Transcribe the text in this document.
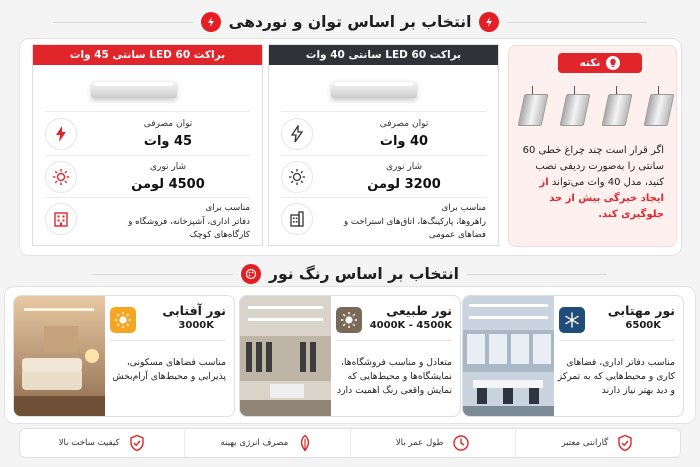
انتخاب بر اساس توان و نوردهی
براکت LED 60 سانتی 45 وات
توان مصرفی
45 وات
شار نوری
4500 لومن
مناسب برای
دفاتر اداری، آشپزخانه، فروشگاه و کارگاه‌های کوچک
براکت LED 60 سانتی 40 وات
توان مصرفی
40 وات
شار نوری
3200 لومن
مناسب برای
راهروها، پارکینگ‌ها، اتاق‌های استراحت و فضاهای عمومی
نکته
اگر قرار است چند چراغ خطی 60 سانتی را به‌صورت ردیفی نصب کنید، مدل 40 وات می‌تواند از ایجاد خیرگی بیش از حد جلوگیری کند.
انتخاب بر اساس رنگ نور
نور آفتابی
3000K
مناسب فضاهای مسکونی، پذیرایی و محیط‌های آرام‌بخش
نور طبیعی
4000K - 4500K
متعادل و مناسب فروشگاه‌ها، نمایشگاه‌ها و محیط‌هایی که نمایش واقعی رنگ اهمیت دارد
نور مهتابی
6500K
مناسب دفاتر اداری، فضاهای کاری و محیط‌هایی که به تمرکز و دید بهتر نیاز دارند
گارانتی معتبر
طول عمر بالا
مصرف انرژی بهینه
کیفیت ساخت بالا
